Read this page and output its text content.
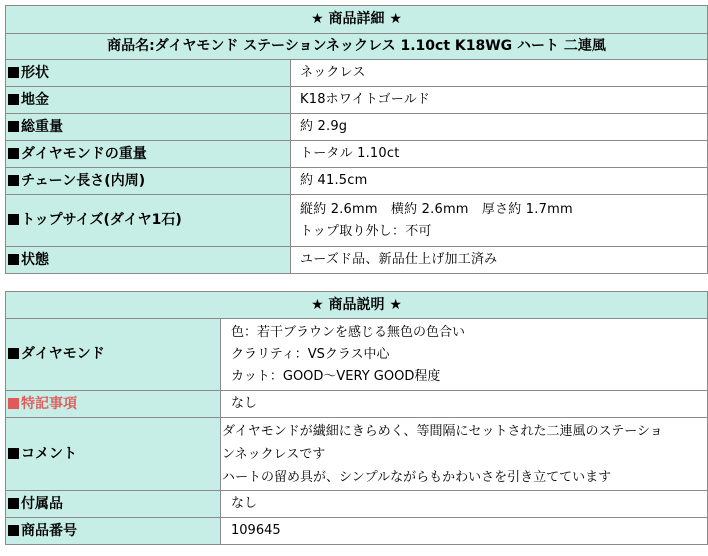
★ 商品詳細 ★	
商品名:ダイヤモンド ステーションネックレス 1.10ct K18WG ハート 二連風	
形状	ネックレス
地金	K18ホワイトゴールド
総重量	約 2.9g
ダイヤモンドの重量	トータル 1.10ct
チェーン長さ(内周)	約 41.5cm
トップサイズ(ダイヤ1石)	縦約 2.6mm　横約 2.6mm　厚さ約 1.7mm
トップ取り外し：不可

状態	ユーズド品、新品仕上げ加工済み
★ 商品説明 ★	
ダイヤモンド	色：若干ブラウンを感じる無色の色合い
クラリティ：VSクラス中心
カット：GOOD～VERY GOOD程度

特記事項	なし
コメント	ダイヤモンドが繊細にきらめく、等間隔にセットされた二連風のステーショ
ンネックレスです
ハートの留め具が、シンプルながらもかわいさを引き立てています

付属品	なし
商品番号	109645
